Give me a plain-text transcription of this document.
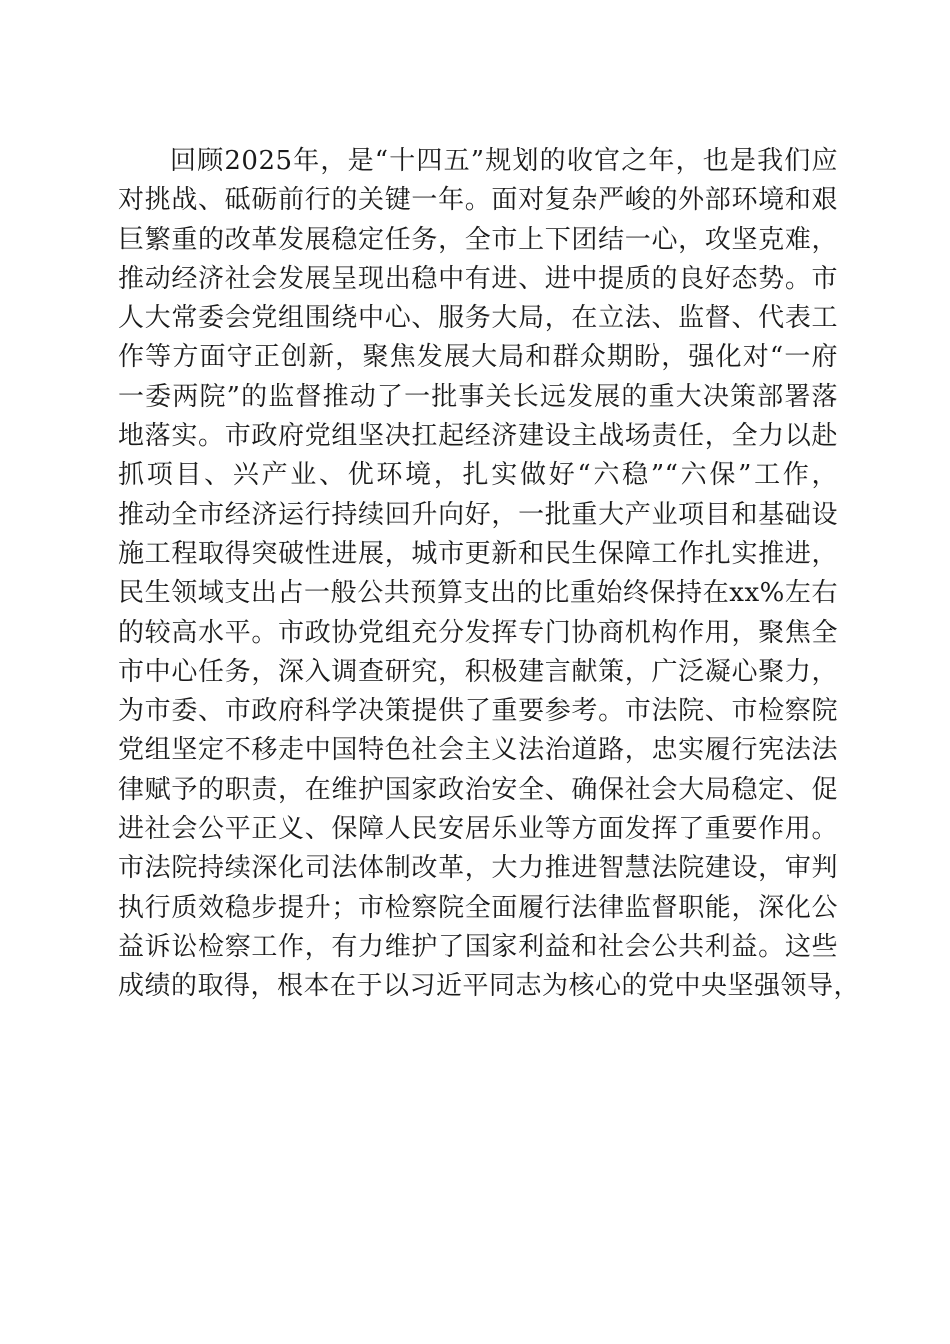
回顾2025年，是“十四五”规划的收官之年，也是我们应
对挑战、砥砺前行的关键一年。面对复杂严峻的外部环境和艰
巨繁重的改革发展稳定任务，全市上下团结一心，攻坚克难，
推动经济社会发展呈现出稳中有进、进中提质的良好态势。市
人大常委会党组围绕中心、服务大局，在立法、监督、代表工
作等方面守正创新，聚焦发展大局和群众期盼，强化对“一府
一委两院”的监督推动了一批事关长远发展的重大决策部署落
地落实。市政府党组坚决扛起经济建设主战场责任，全力以赴
抓项目、兴产业、优环境，扎实做好“六稳”“六保”工作，
推动全市经济运行持续回升向好，一批重大产业项目和基础设
施工程取得突破性进展，城市更新和民生保障工作扎实推进，
民生领域支出占一般公共预算支出的比重始终保持在xx%左右
的较高水平。市政协党组充分发挥专门协商机构作用，聚焦全
市中心任务，深入调查研究，积极建言献策，广泛凝心聚力，
为市委、市政府科学决策提供了重要参考。市法院、市检察院
党组坚定不移走中国特色社会主义法治道路，忠实履行宪法法
律赋予的职责，在维护国家政治安全、确保社会大局稳定、促
进社会公平正义、保障人民安居乐业等方面发挥了重要作用。
市法院持续深化司法体制改革，大力推进智慧法院建设，审判
执行质效稳步提升；市检察院全面履行法律监督职能，深化公
益诉讼检察工作，有力维护了国家利益和社会公共利益。这些
成绩的取得，根本在于以习近平同志为核心的党中央坚强领导，
